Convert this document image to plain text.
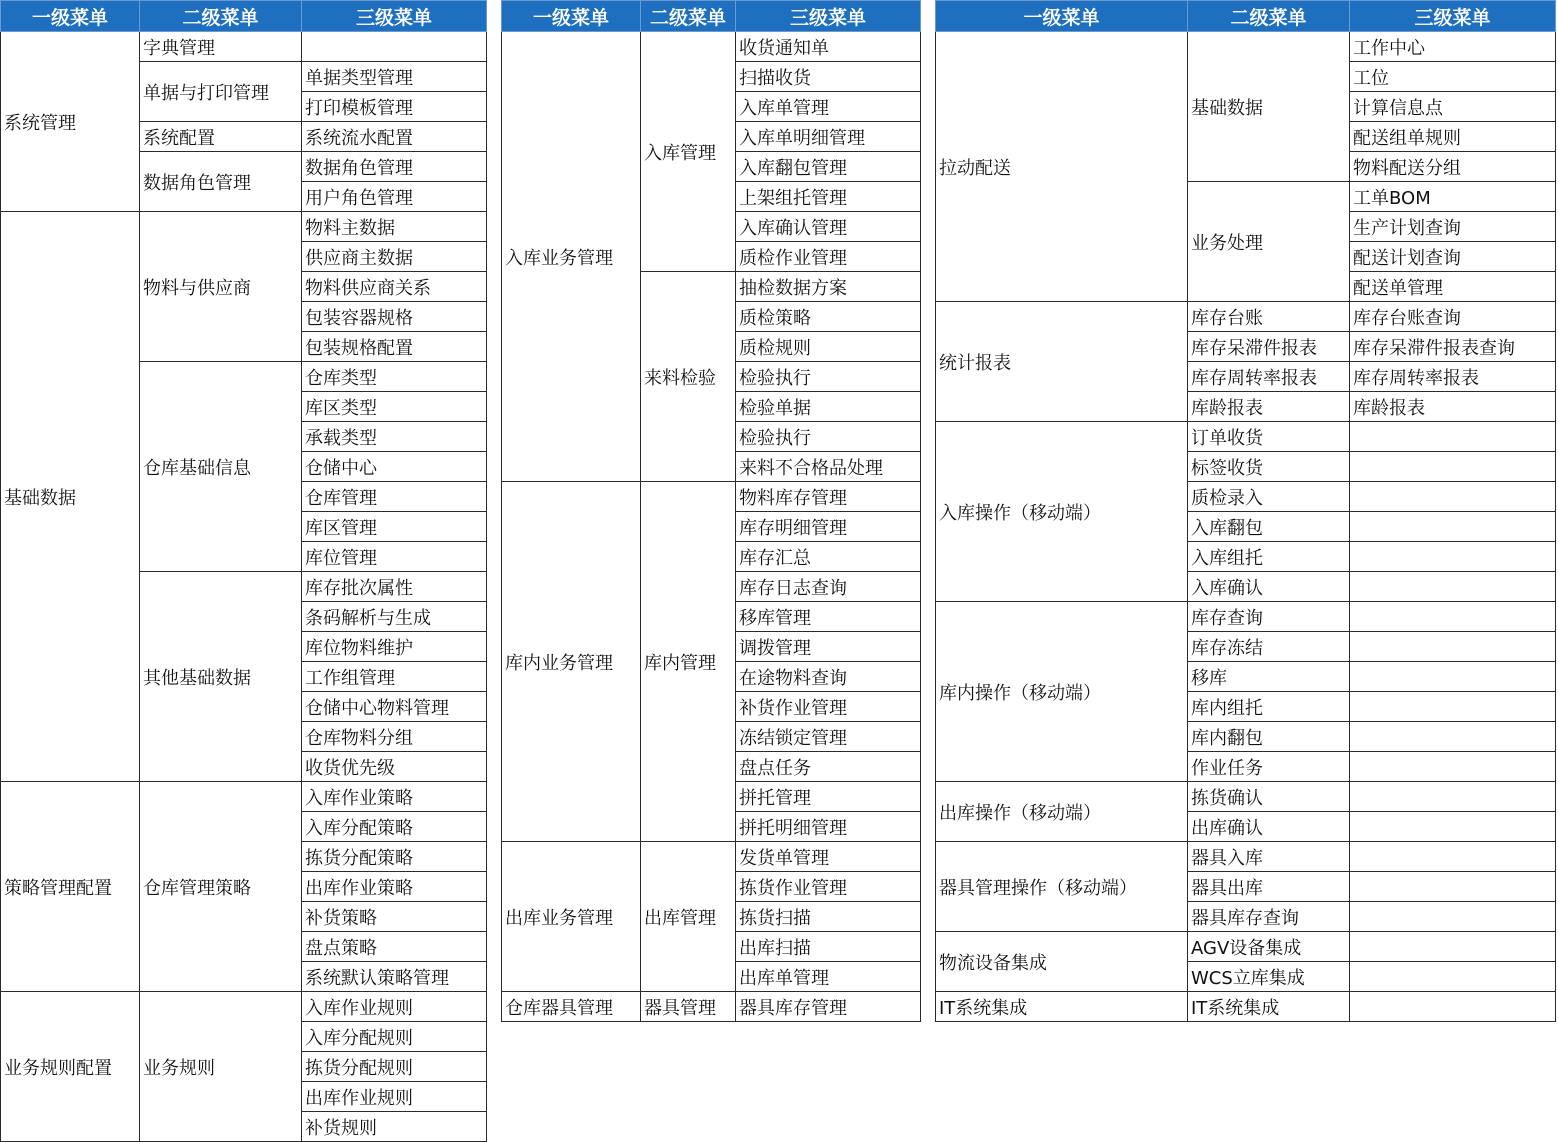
一级菜单	二级菜单	三级菜单
系统管理	字典管理	
	单据与打印管理	单据类型管理
		打印模板管理
	系统配置	系统流水配置
	数据角色管理	数据角色管理
		用户角色管理
基础数据	物料与供应商	物料主数据
		供应商主数据
		物料供应商关系
		包装容器规格
		包装规格配置
	仓库基础信息	仓库类型
		库区类型
		承载类型
		仓储中心
		仓库管理
		库区管理
		库位管理
	其他基础数据	库存批次属性
		条码解析与生成
		库位物料维护
		工作组管理
		仓储中心物料管理
		仓库物料分组
		收货优先级
策略管理配置	仓库管理策略	入库作业策略
		入库分配策略
		拣货分配策略
		出库作业策略
		补货策略
		盘点策略
		系统默认策略管理
业务规则配置	业务规则	入库作业规则
		入库分配规则
		拣货分配规则
		出库作业规则
		补货规则
一级菜单	二级菜单	三级菜单
入库业务管理	入库管理	收货通知单
		扫描收货
		入库单管理
		入库单明细管理
		入库翻包管理
		上架组托管理
		入库确认管理
		质检作业管理
	来料检验	抽检数据方案
		质检策略
		质检规则
		检验执行
		检验单据
		检验执行
		来料不合格品处理
库内业务管理	库内管理	物料库存管理
		库存明细管理
		库存汇总
		库存日志查询
		移库管理
		调拨管理
		在途物料查询
		补货作业管理
		冻结锁定管理
		盘点任务
		拼托管理
		拼托明细管理
出库业务管理	出库管理	发货单管理
		拣货作业管理
		拣货扫描
		出库扫描
		出库单管理
仓库器具管理	器具管理	器具库存管理
一级菜单	二级菜单	三级菜单
拉动配送	基础数据	工作中心
		工位
		计算信息点
		配送组单规则
		物料配送分组
	业务处理	工单BOM
		生产计划查询
		配送计划查询
		配送单管理
统计报表	库存台账	库存台账查询
	库存呆滞件报表	库存呆滞件报表查询
	库存周转率报表	库存周转率报表
	库龄报表	库龄报表
入库操作（移动端）	订单收货	
	标签收货	
	质检录入	
	入库翻包	
	入库组托	
	入库确认	
库内操作（移动端）	库存查询	
	库存冻结	
	移库	
	库内组托	
	库内翻包	
	作业任务	
出库操作（移动端）	拣货确认	
	出库确认	
器具管理操作（移动端）	器具入库	
	器具出库	
	器具库存查询	
物流设备集成	AGV设备集成	
	WCS立库集成	
IT系统集成	IT系统集成	
